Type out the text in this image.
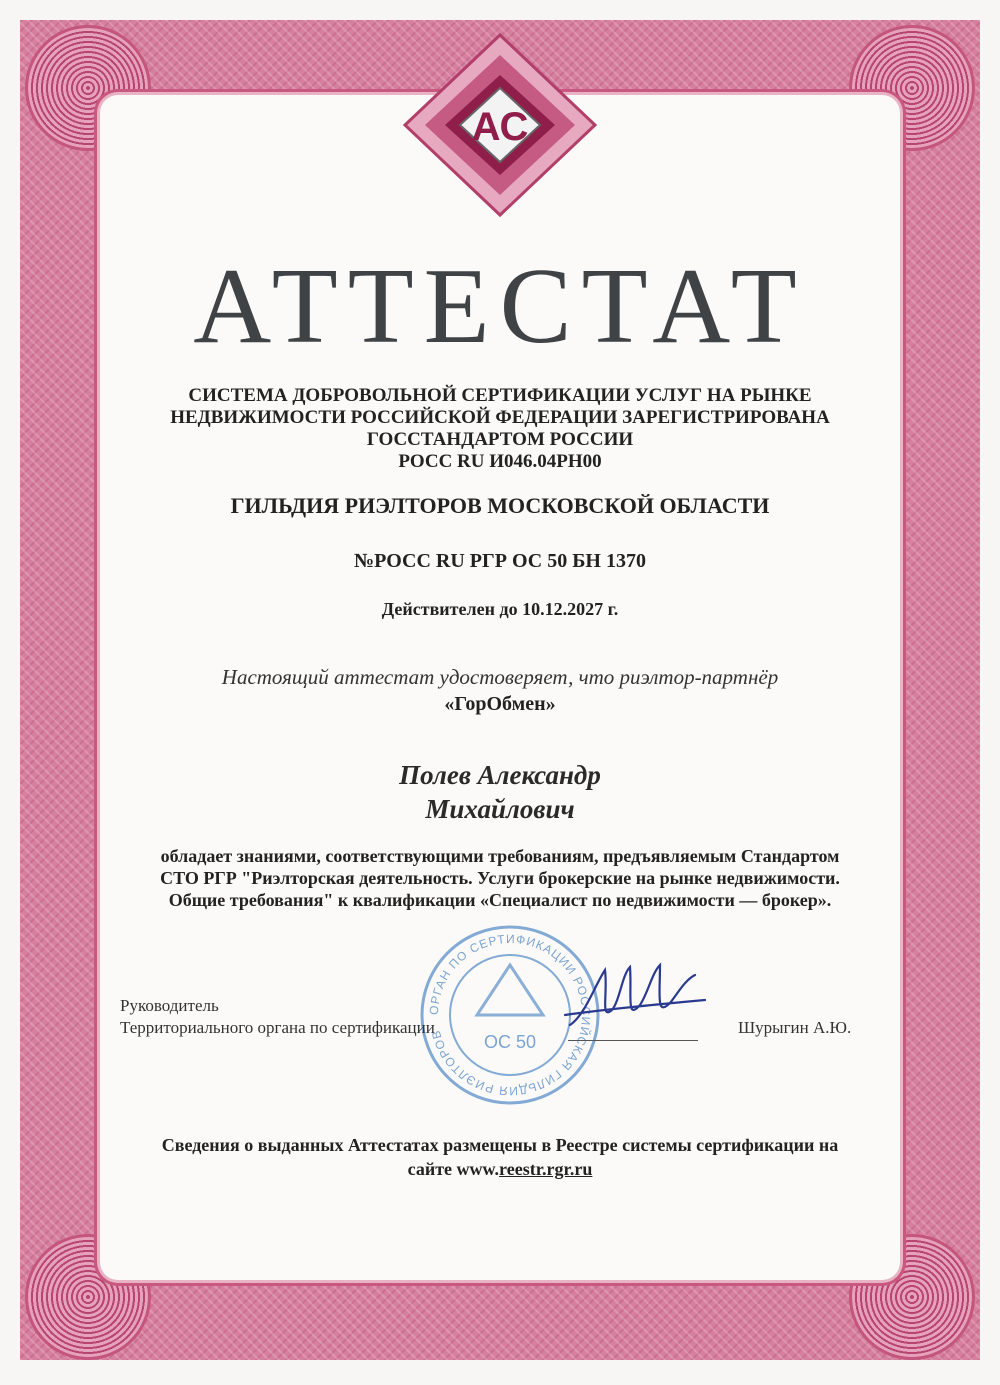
АС
АТТЕСТАТ
СИСТЕМА ДОБРОВОЛЬНОЙ СЕРТИФИКАЦИИ УСЛУГ НА РЫНКЕ
НЕДВИЖИМОСТИ РОССИЙСКОЙ ФЕДЕРАЦИИ ЗАРЕГИСТРИРОВАНА
ГОССТАНДАРТОМ РОССИИ
РОСС RU И046.04РН00
ГИЛЬДИЯ РИЭЛТОРОВ МОСКОВСКОЙ ОБЛАСТИ
№РОСС RU РГР ОС 50 БН 1370
Действителен до 10.12.2027 г.
Настоящий аттестат удостоверяет, что риэлтор-партнёр
«ГорОбмен»
Полев Александр
Михайлович
обладает знаниями, соответствующими требованиям, предъявляемым Стандартом
СТО РГР "Риэлторская деятельность. Услуги брокерские на рынке недвижимости.
Общие требования" к квалификации «Специалист по недвижимости — брокер».
ОРГАН ПО СЕРТИФИКАЦИИ РОССИЙСКАЯ ГИЛЬДИЯ РИЭЛТОРОВ	ОС 50
Руководитель
Территориального органа по сертификации	Шурыгин А.Ю.
Сведения о выданных Аттестатах размещены в Реестре системы сертификации на
сайте www.reestr.rgr.ru
